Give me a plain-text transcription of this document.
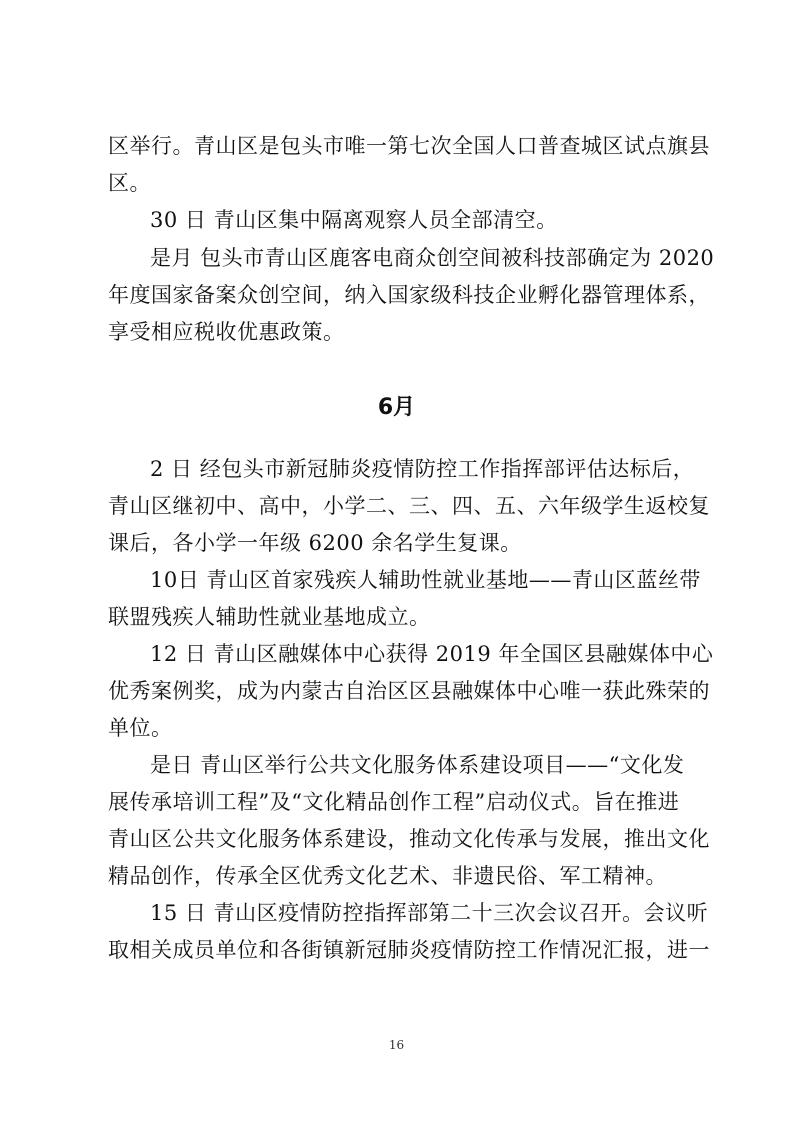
区举行。青山区是包头市唯一第七次全国人口普查城区试点旗县
区。
30 日 青山区集中隔离观察人员全部清空。
是月 包头市青山区鹿客电商众创空间被科技部确定为 2020
年度国家备案众创空间，纳入国家级科技企业孵化器管理体系，
享受相应税收优惠政策。
6月
2 日 经包头市新冠肺炎疫情防控工作指挥部评估达标后，
青山区继初中、高中，小学二、三、四、五、六年级学生返校复
课后，各小学一年级 6200 余名学生复课。
10日 青山区首家残疾人辅助性就业基地——青山区蓝丝带
联盟残疾人辅助性就业基地成立。
12 日 青山区融媒体中心获得 2019 年全国区县融媒体中心
优秀案例奖，成为内蒙古自治区区县融媒体中心唯一获此殊荣的
单位。
是日 青山区举行公共文化服务体系建设项目——“文化发
展传承培训工程”及“文化精品创作工程”启动仪式。旨在推进
青山区公共文化服务体系建设，推动文化传承与发展，推出文化
精品创作，传承全区优秀文化艺术、非遗民俗、军工精神。
15 日 青山区疫情防控指挥部第二十三次会议召开。会议听
取相关成员单位和各街镇新冠肺炎疫情防控工作情况汇报，进一
16
